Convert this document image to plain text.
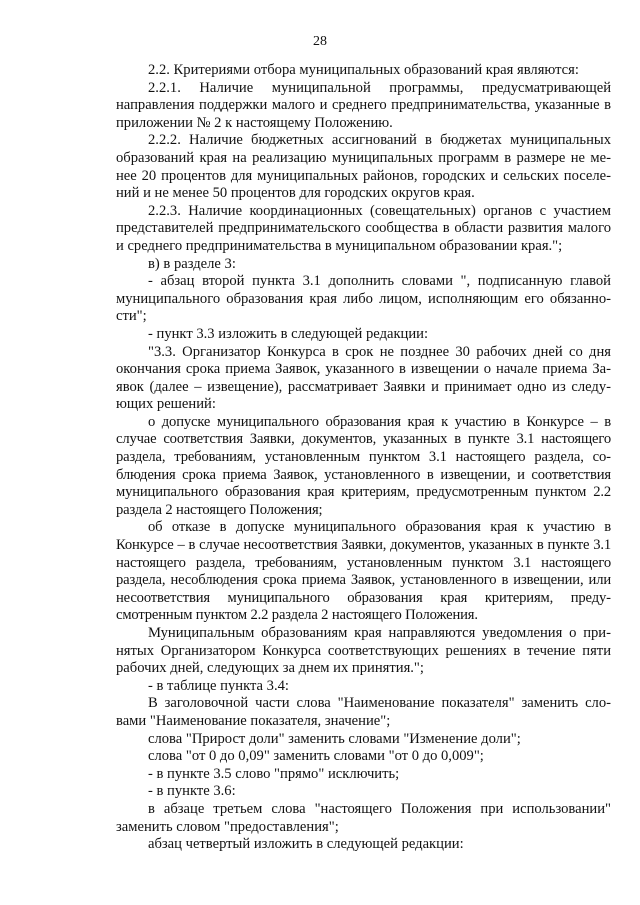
28

2.2. Критериями отбора муниципальных образований края являются:

2.2.1. Наличие муниципальной программы, предусматривающей направления поддержки малого и среднего предпринимательства, указанные в приложении № 2 к настоящему Положению.

2.2.2. Наличие бюджетных ассигнований в бюджетах муниципальных образований края на реализацию муниципальных программ в размере не менее 20 процентов для муниципальных районов, городских и сельских поселений и не менее 50 процентов для городских округов края.

2.2.3. Наличие координационных (совещательных) органов с участием представителей предпринимательского сообщества в области развития малого и среднего предпринимательства в муниципальном образовании края.";

в) в разделе 3:

- абзац второй пункта 3.1 дополнить словами ", подписанную главой муниципального образования края либо лицом, исполняющим его обязанности";

- пункт 3.3 изложить в следующей редакции:

"3.3. Организатор Конкурса в срок не позднее 30 рабочих дней со дня окончания срока приема Заявок, указанного в извещении о начале приема Заявок (далее – извещение), рассматривает Заявки и принимает одно из следующих решений:

о допуске муниципального образования края к участию в Конкурсе – в случае соответствия Заявки, документов, указанных в пункте 3.1 настоящего раздела, требованиям, установленным пунктом 3.1 настоящего раздела, соблюдения срока приема Заявок, установленного в извещении, и соответствия муниципального образования края критериям, предусмотренным пунктом 2.2 раздела 2 настоящего Положения;

об отказе в допуске муниципального образования края к участию в Конкурсе – в случае несоответствия Заявки, документов, указанных в пункте 3.1 настоящего раздела, требованиям, установленным пунктом 3.1 настоящего раздела, несоблюдения срока приема Заявок, установленного в извещении, или несоответствия муниципального образования края критериям, предусмотренным пунктом 2.2 раздела 2 настоящего Положения.

Муниципальным образованиям края направляются уведомления о принятых Организатором Конкурса соответствующих решениях в течение пяти рабочих дней, следующих за днем их принятия.";

- в таблице пункта 3.4:

В заголовочной части слова "Наименование показателя" заменить словами "Наименование показателя, значение";

слова "Прирост доли" заменить словами "Изменение доли";

слова "от 0 до 0,09" заменить словами "от 0 до 0,009";

- в пункте 3.5 слово "прямо" исключить;

- в пункте 3.6:

в абзаце третьем слова "настоящего Положения при использовании" заменить словом "предоставления";

абзац четвертый изложить в следующей редакции:
